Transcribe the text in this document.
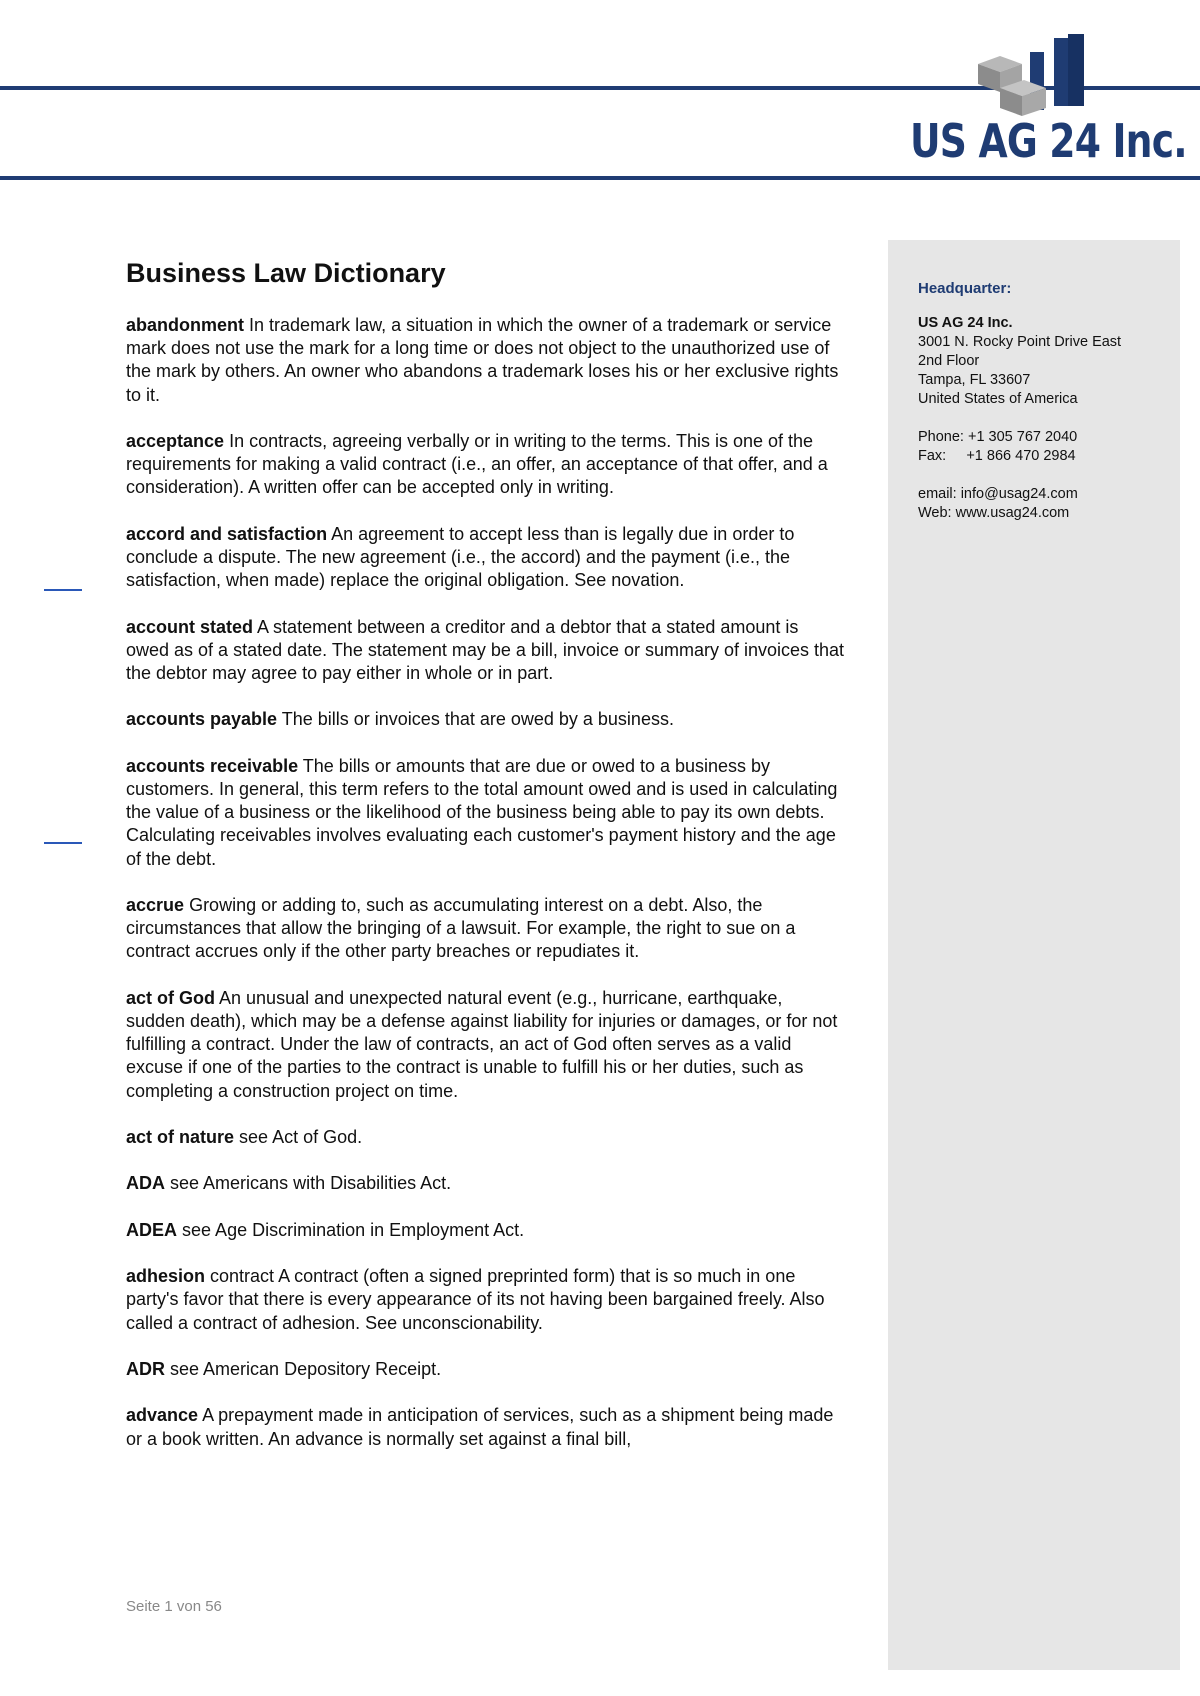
US AG 24 Inc.
Business Law Dictionary

abandonment In trademark law, a situation in which the owner of a trademark or service mark does not use the mark for a long time or does not object to the unauthorized use of the mark by others. An owner who abandons a trademark loses his or her exclusive rights to it.

acceptance In contracts, agreeing verbally or in writing to the terms. This is one of the requirements for making a valid contract (i.e., an offer, an acceptance of that offer, and a consideration). A written offer can be accepted only in writing.

accord and satisfaction An agreement to accept less than is legally due in order to conclude a dispute. The new agreement (i.e., the accord) and the payment (i.e., the satisfaction, when made) replace the original obligation. See novation.

account stated A statement between a creditor and a debtor that a stated amount is owed as of a stated date. The statement may be a bill, invoice or summary of invoices that the debtor may agree to pay either in whole or in part.

accounts payable The bills or invoices that are owed by a business.

accounts receivable The bills or amounts that are due or owed to a business by customers. In general, this term refers to the total amount owed and is used in calculating the value of a business or the likelihood of the business being able to pay its own debts. Calculating receivables involves evaluating each customer's payment history and the age of the debt.

accrue Growing or adding to, such as accumulating interest on a debt. Also, the circumstances that allow the bringing of a lawsuit. For example, the right to sue on a contract accrues only if the other party breaches or repudiates it.

act of God An unusual and unexpected natural event (e.g., hurricane, earthquake, sudden death), which may be a defense against liability for injuries or damages, or for not fulfilling a contract. Under the law of contracts, an act of God often serves as a valid excuse if one of the parties to the contract is unable to fulfill his or her duties, such as completing a construction project on time.

act of nature see Act of God.

ADA see Americans with Disabilities Act.

ADEA see Age Discrimination in Employment Act.

adhesion contract A contract (often a signed preprinted form) that is so much in one party's favor that there is every appearance of its not having been bargained freely. Also called a contract of adhesion. See unconscionability.

ADR see American Depository Receipt.

advance A prepayment made in anticipation of services, such as a shipment being made or a book written. An advance is normally set against a final bill,

Headquarter:
US AG 24 Inc.
3001 N. Rocky Point Drive East
2nd Floor
Tampa, FL 33607
United States of America
Phone: +1 305 767 2040
Fax:     +1 866 470 2984
email: info@usag24.com
Web: www.usag24.com
Seite 1 von 56
